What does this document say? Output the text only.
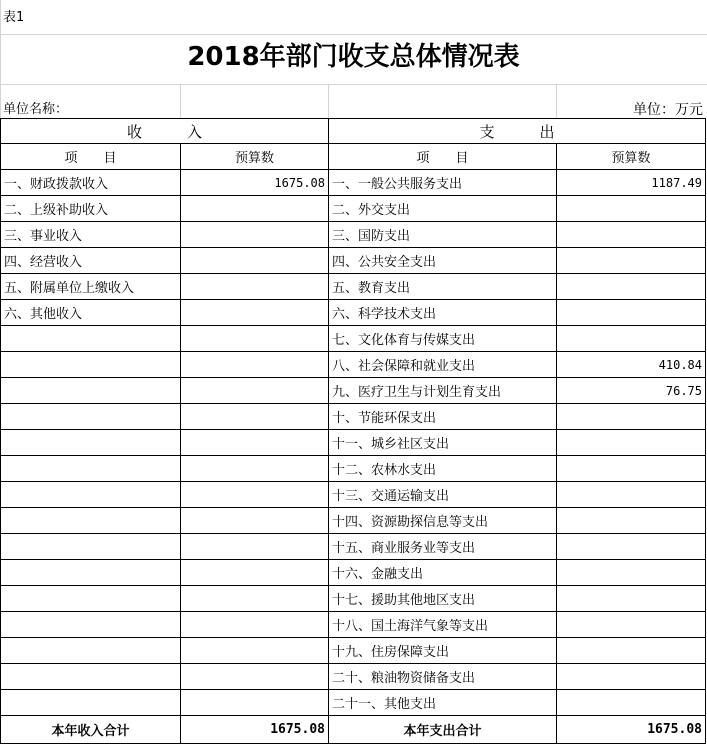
表1
2018年部门收支总体情况表
单位名称：	单位：万元
收　　　入		支　　　出	
项　　目	预算数	项　　目	预算数
一、财政拨款收入	1675.08	一、一般公共服务支出	1187.49
二、上级补助收入		二、外交支出	
三、事业收入		三、国防支出	
四、经营收入		四、公共安全支出	
五、附属单位上缴收入		五、教育支出	
六、其他收入		六、科学技术支出	
		七、文化体育与传媒支出	
		八、社会保障和就业支出	410.84
		九、医疗卫生与计划生育支出	76.75
		十、节能环保支出	
		十一、城乡社区支出	
		十二、农林水支出	
		十三、交通运输支出	
		十四、资源勘探信息等支出	
		十五、商业服务业等支出	
		十六、金融支出	
		十七、援助其他地区支出	
		十八、国土海洋气象等支出	
		十九、住房保障支出	
		二十、粮油物资储备支出	
		二十一、其他支出	
本年收入合计	1675.08	本年支出合计	1675.08
